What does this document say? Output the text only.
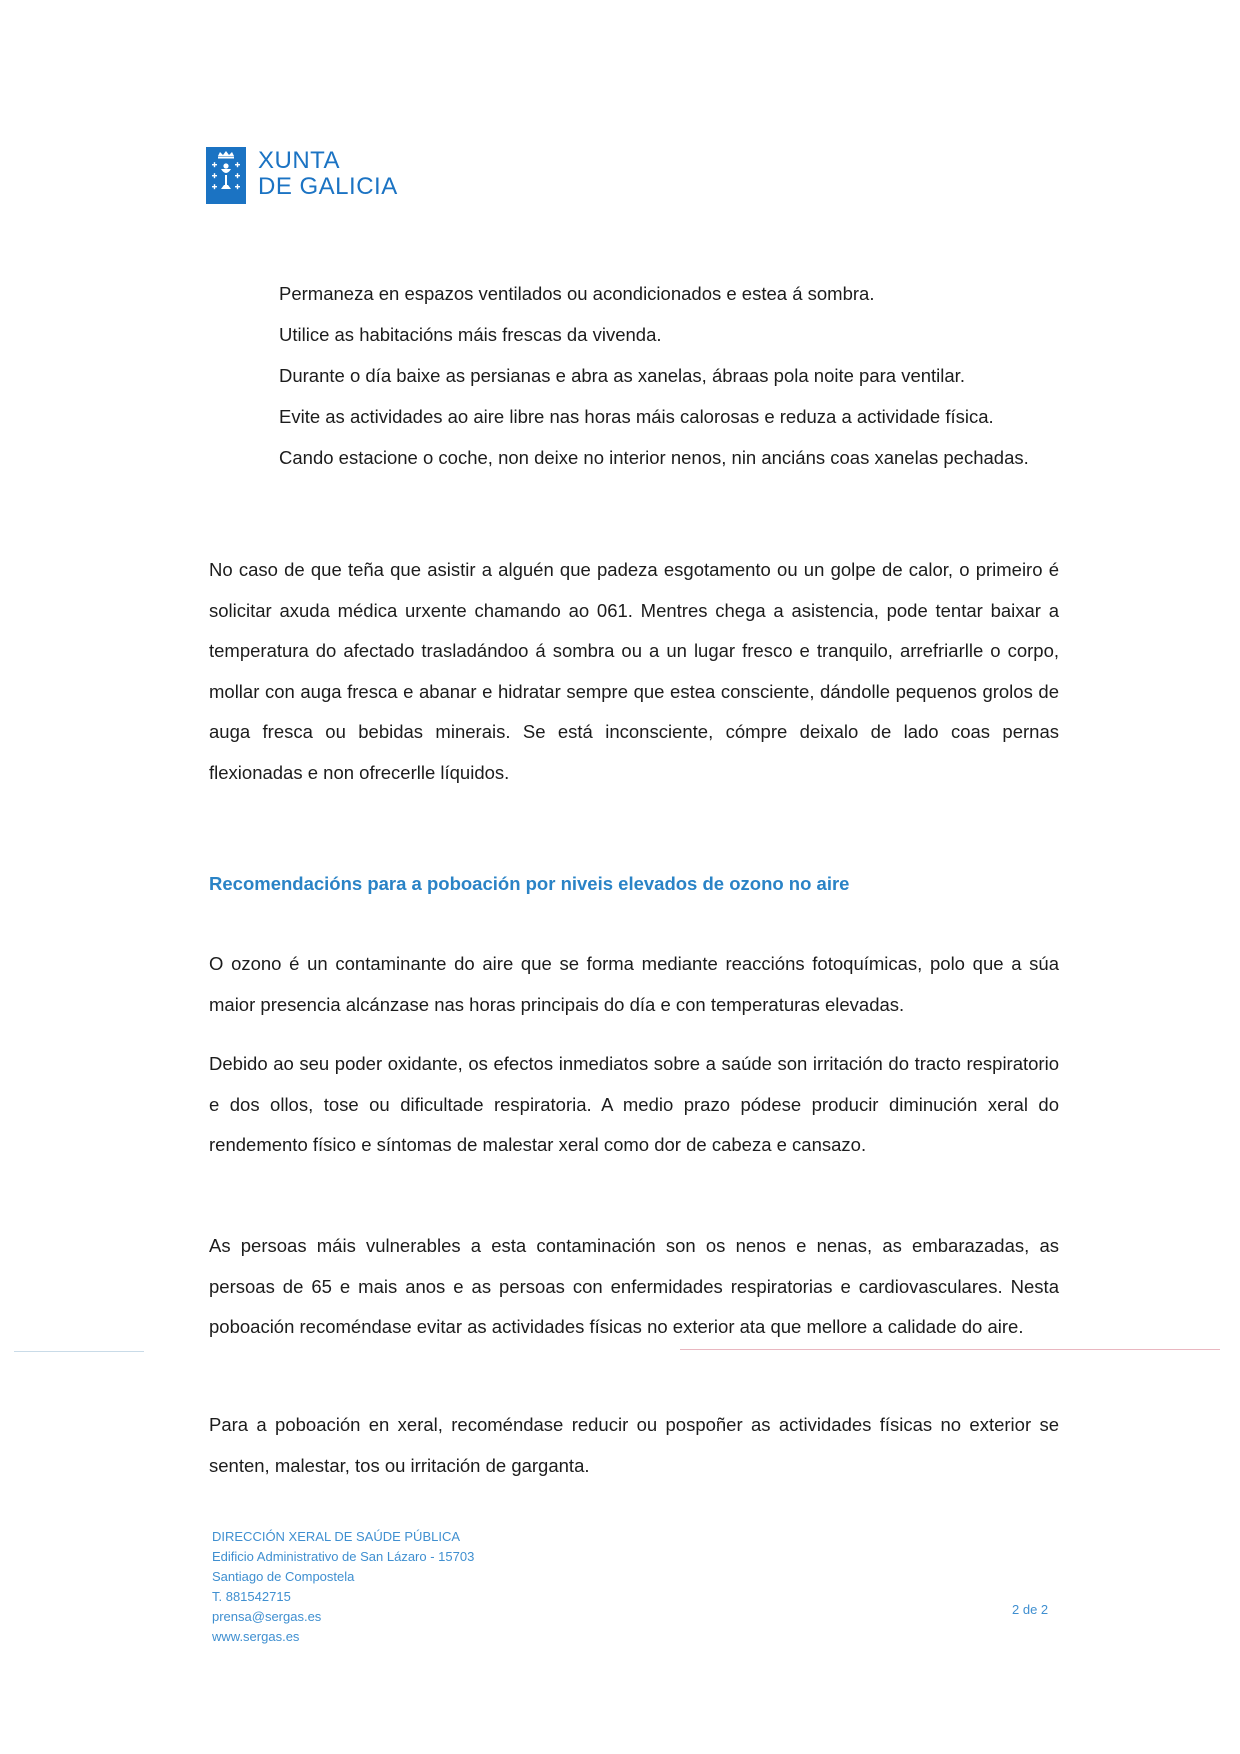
XUNTA
DE GALICIA

Permaneza en espazos ventilados ou acondicionados e estea á sombra.

Utilice as habitacións máis frescas da vivenda.

Durante o día baixe as persianas e abra as xanelas, ábraas pola noite para ventilar.

Evite as actividades ao aire libre nas horas máis calorosas e reduza a actividade física.

Cando estacione o coche, non deixe no interior nenos, nin anciáns coas xanelas pechadas.

No caso de que teña que asistir a alguén que padeza esgotamento ou un golpe de calor, o primeiro é solicitar axuda médica urxente chamando ao 061. Mentres chega a asistencia, pode tentar baixar a temperatura do afectado trasladándoo á sombra ou a un lugar fresco e tranquilo, arrefriarlle o corpo, mollar con auga fresca e abanar e hidratar sempre que estea consciente, dándolle pequenos grolos de auga fresca ou bebidas minerais. Se está inconsciente, cómpre deixalo de lado coas pernas flexionadas e non ofrecerlle líquidos.

Recomendacións para a poboación por niveis elevados de ozono no aire

O ozono é un contaminante do aire que se forma mediante reaccións fotoquímicas, polo que a súa maior presencia alcánzase nas horas principais do día e con temperaturas elevadas.

Debido ao seu poder oxidante, os efectos inmediatos sobre a saúde son irritación do tracto respiratorio e dos ollos, tose ou dificultade respiratoria. A medio prazo pódese producir diminución xeral do rendemento físico e síntomas de malestar xeral como dor de cabeza e cansazo.

As persoas máis vulnerables a esta contaminación son os nenos e nenas, as embarazadas, as persoas de 65 e mais anos e as persoas con enfermidades respiratorias e cardiovasculares. Nesta poboación recoméndase evitar as actividades físicas no exterior ata que mellore a calidade do aire.

Para a poboación en xeral, recoméndase reducir ou pospoñer as actividades físicas no exterior se senten, malestar, tos ou irritación de garganta.

DIRECCIÓN XERAL DE SAÚDE PÚBLICA
Edificio Administrativo de San Lázaro - 15703
Santiago de Compostela
T. 881542715
prensa@sergas.es
www.sergas.es
2 de 2
